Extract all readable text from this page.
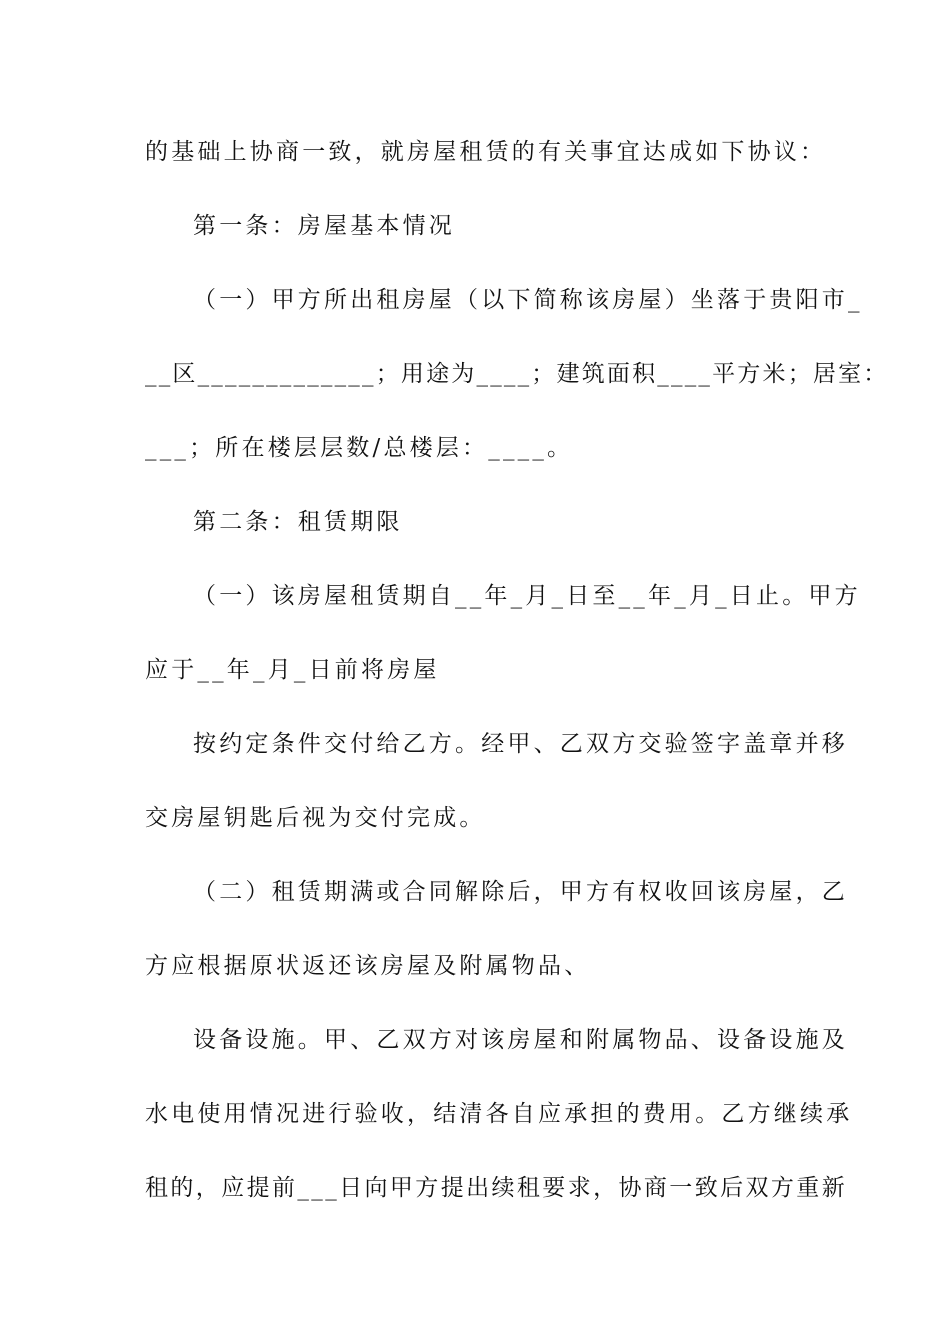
的基础上协商一致，就房屋租赁的有关事宜达成如下协议：
第一条：房屋基本情况
（一）甲方所出租房屋（以下简称该房屋）坐落于贵阳市_
__区_____________；用途为____；建筑面积____平方米；居室：
___；所在楼层层数/总楼层：____。
第二条：租赁期限
（一）该房屋租赁期自__年_月_日至__年_月_日止。甲方
应于__年_月_日前将房屋
按约定条件交付给乙方。经甲、乙双方交验签字盖章并移
交房屋钥匙后视为交付完成。
（二）租赁期满或合同解除后，甲方有权收回该房屋，乙
方应根据原状返还该房屋及附属物品、
设备设施。甲、乙双方对该房屋和附属物品、设备设施及
水电使用情况进行验收，结清各自应承担的费用。乙方继续承
租的，应提前___日向甲方提出续租要求，协商一致后双方重新
